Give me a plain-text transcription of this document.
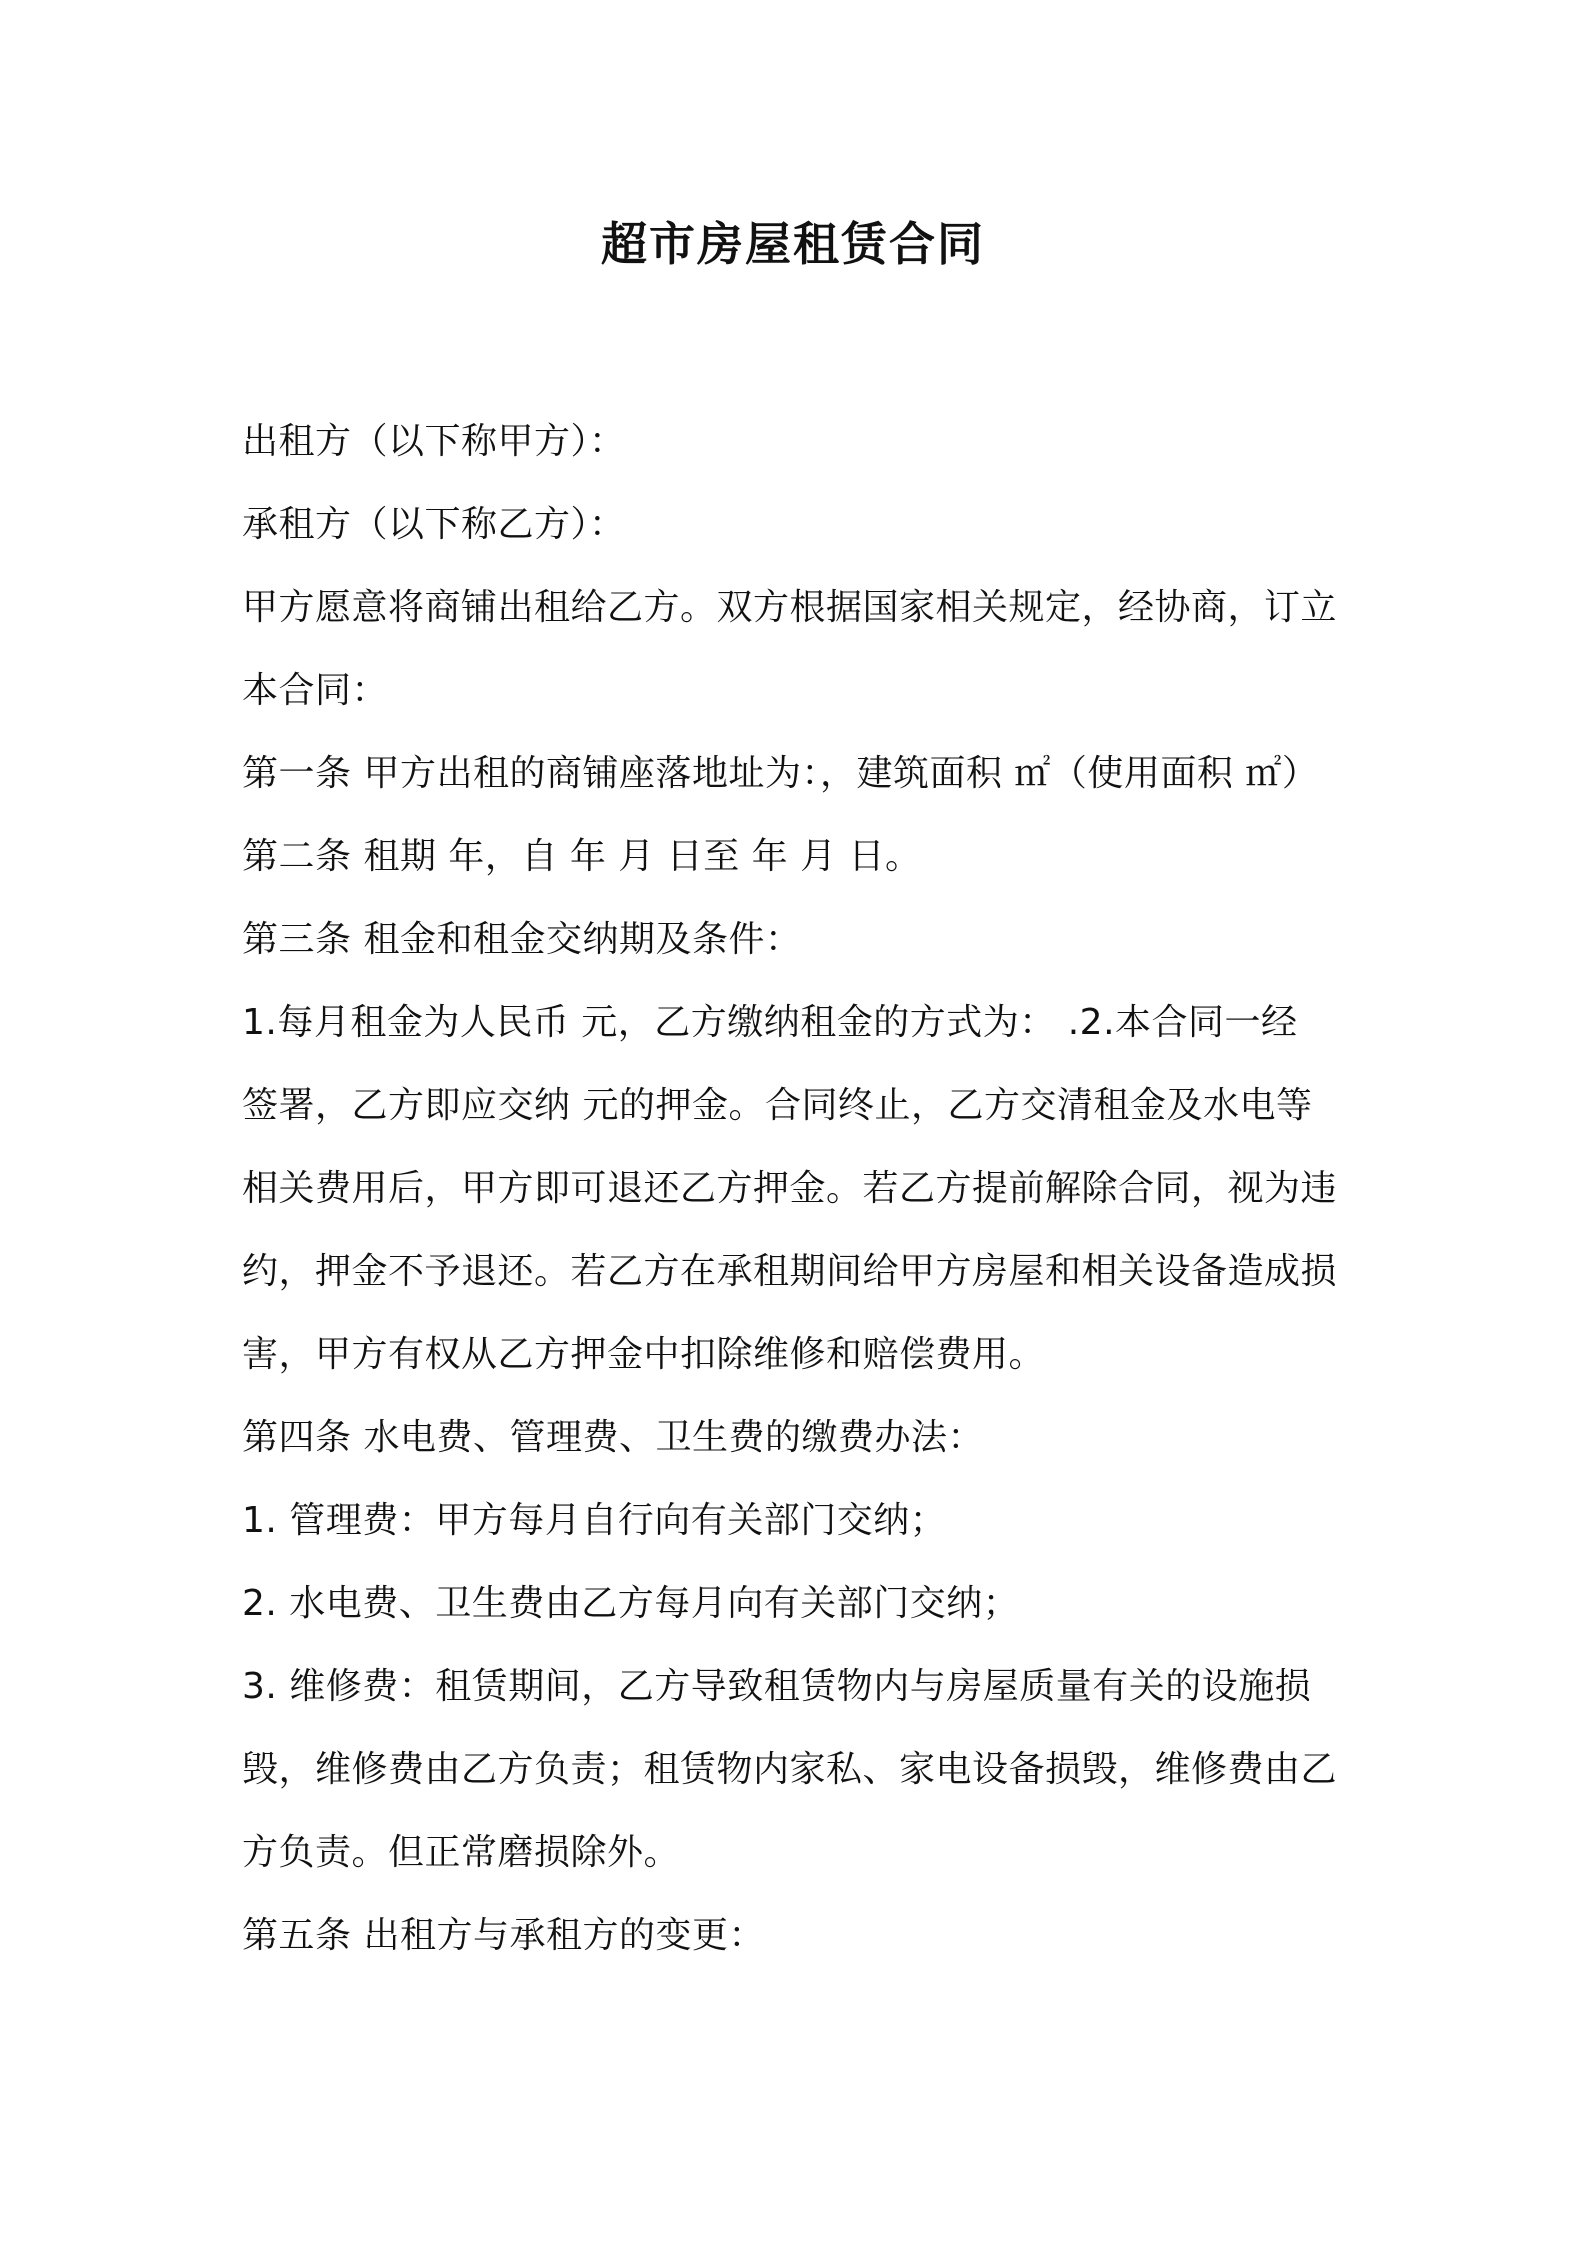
超市房屋租赁合同
出租方（以下称甲方）：
承租方（以下称乙方）：
甲方愿意将商铺出租给乙方。双方根据国家相关规定，经协商，订立
本合同：
第一条 甲方出租的商铺座落地址为：，建筑面积 ㎡（使用面积 ㎡）
第二条 租期 年，自 年 月 日至 年 月 日。
第三条 租金和租金交纳期及条件：
1.每月租金为人民币 元，乙方缴纳租金的方式为： .2.本合同一经
签署，乙方即应交纳 元的押金。合同终止，乙方交清租金及水电等
相关费用后，甲方即可退还乙方押金。若乙方提前解除合同，视为违
约，押金不予退还。若乙方在承租期间给甲方房屋和相关设备造成损
害，甲方有权从乙方押金中扣除维修和赔偿费用。
第四条 水电费、管理费、卫生费的缴费办法：
1. 管理费：甲方每月自行向有关部门交纳；
2. 水电费、卫生费由乙方每月向有关部门交纳；
3. 维修费：租赁期间，乙方导致租赁物内与房屋质量有关的设施损
毁，维修费由乙方负责；租赁物内家私、家电设备损毁，维修费由乙
方负责。但正常磨损除外。
第五条 出租方与承租方的变更：
